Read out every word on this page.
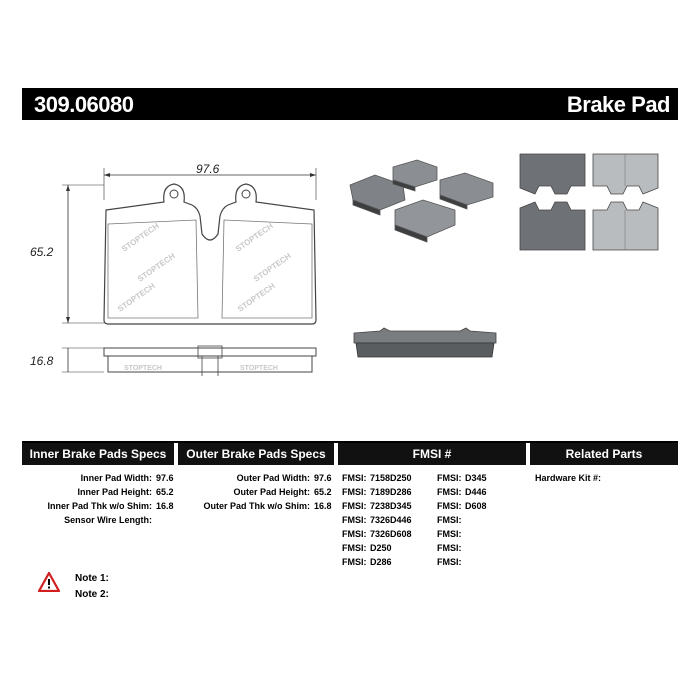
309.06080	Brake Pad
STOPTECH
STOPTECH
STOPTECH
STOPTECH
STOPTECH
STOPTECH
STOPTECH	STOPTECH
97.6
65.2
16.8
Inner Brake Pads Specs	Outer Brake Pads Specs	FMSI #	Related Parts
Inner Pad Width: 97.6
Inner Pad Height: 65.2
Inner Pad Thk w/o Shim: 16.8
Sensor Wire Length:
Outer Pad Width: 97.6
Outer Pad Height: 65.2
Outer Pad Thk w/o Shim: 16.8
FMSI: 7158D250
FMSI: 7189D286
FMSI: 7238D345
FMSI: 7326D446
FMSI: 7326D608
FMSI: D250
FMSI: D286
FMSI: D345
FMSI: D446
FMSI: D608
FMSI:
FMSI:
FMSI:
FMSI:
Hardware Kit #:
Note 1:
Note 2:
